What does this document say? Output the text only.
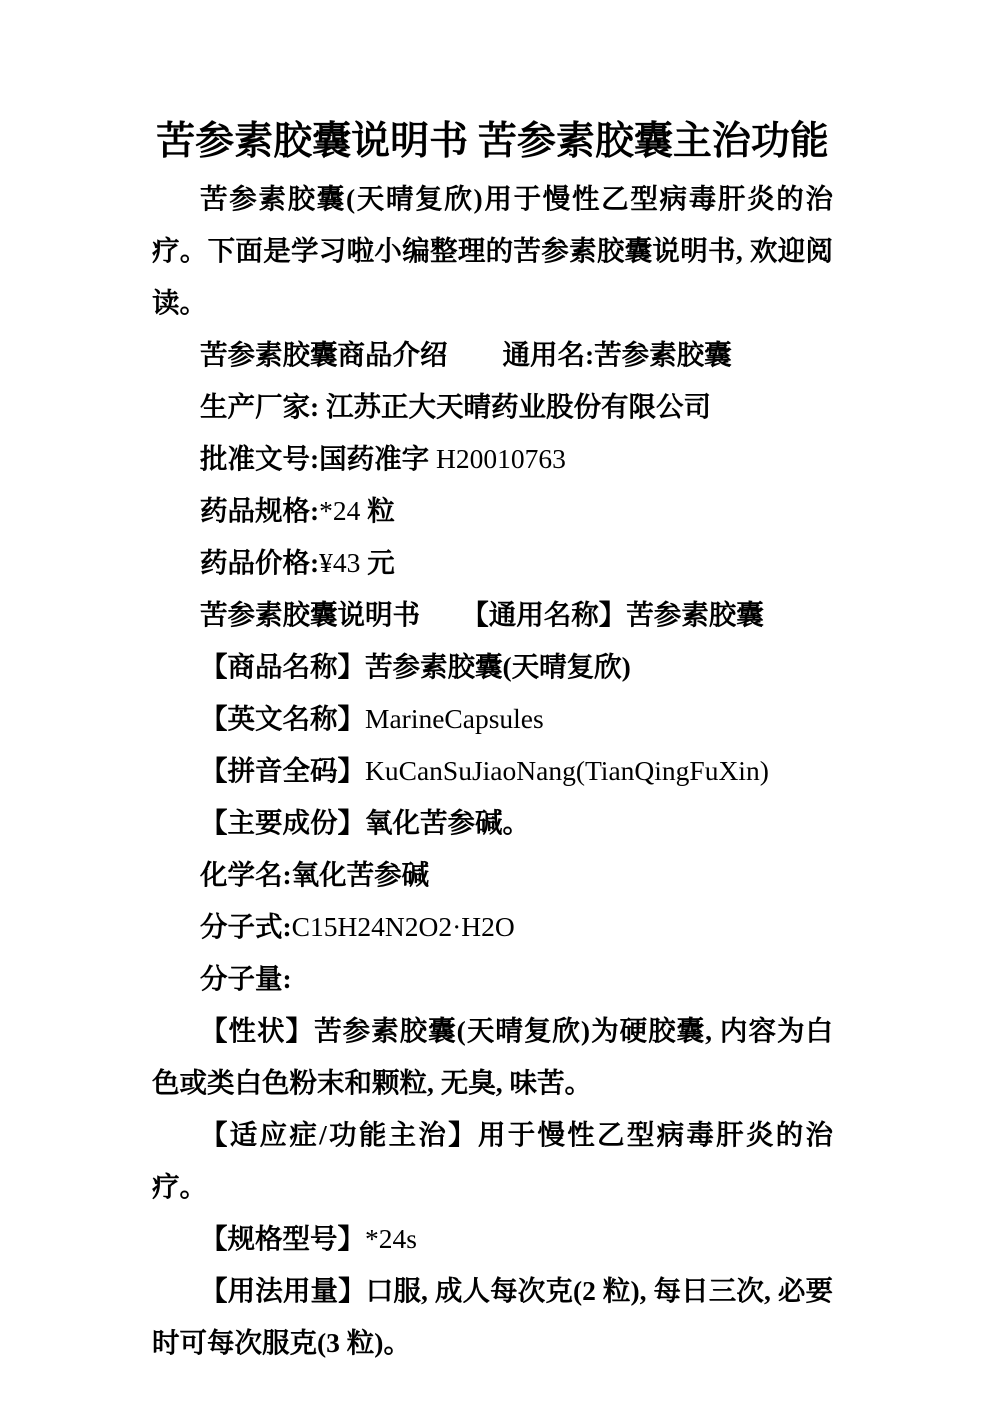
苦参素胶囊说明书 苦参素胶囊主治功能

苦参素胶囊(天晴复欣)用于慢性乙型病毒肝炎的治疗。下面是学习啦小编整理的苦参素胶囊说明书, 欢迎阅读。

苦参素胶囊商品介绍　　通用名:苦参素胶囊

生产厂家: 江苏正大天晴药业股份有限公司

批准文号:国药准字 H20010763

药品规格:*24 粒

药品价格:¥43 元

苦参素胶囊说明书　　【通用名称】苦参素胶囊

【商品名称】苦参素胶囊(天晴复欣)

【英文名称】MarineCapsules

【拼音全码】KuCanSuJiaoNang(TianQingFuXin)

【主要成份】氧化苦参碱。

化学名:氧化苦参碱

分子式:C15H24N2O2·H2O

分子量:

【性状】苦参素胶囊(天晴复欣)为硬胶囊, 内容为白色或类白色粉末和颗粒, 无臭, 味苦。

【适应症/功能主治】用于慢性乙型病毒肝炎的治疗。

【规格型号】*24s

【用法用量】口服, 成人每次克(2 粒), 每日三次, 必要时可每次服克(3 粒)。
